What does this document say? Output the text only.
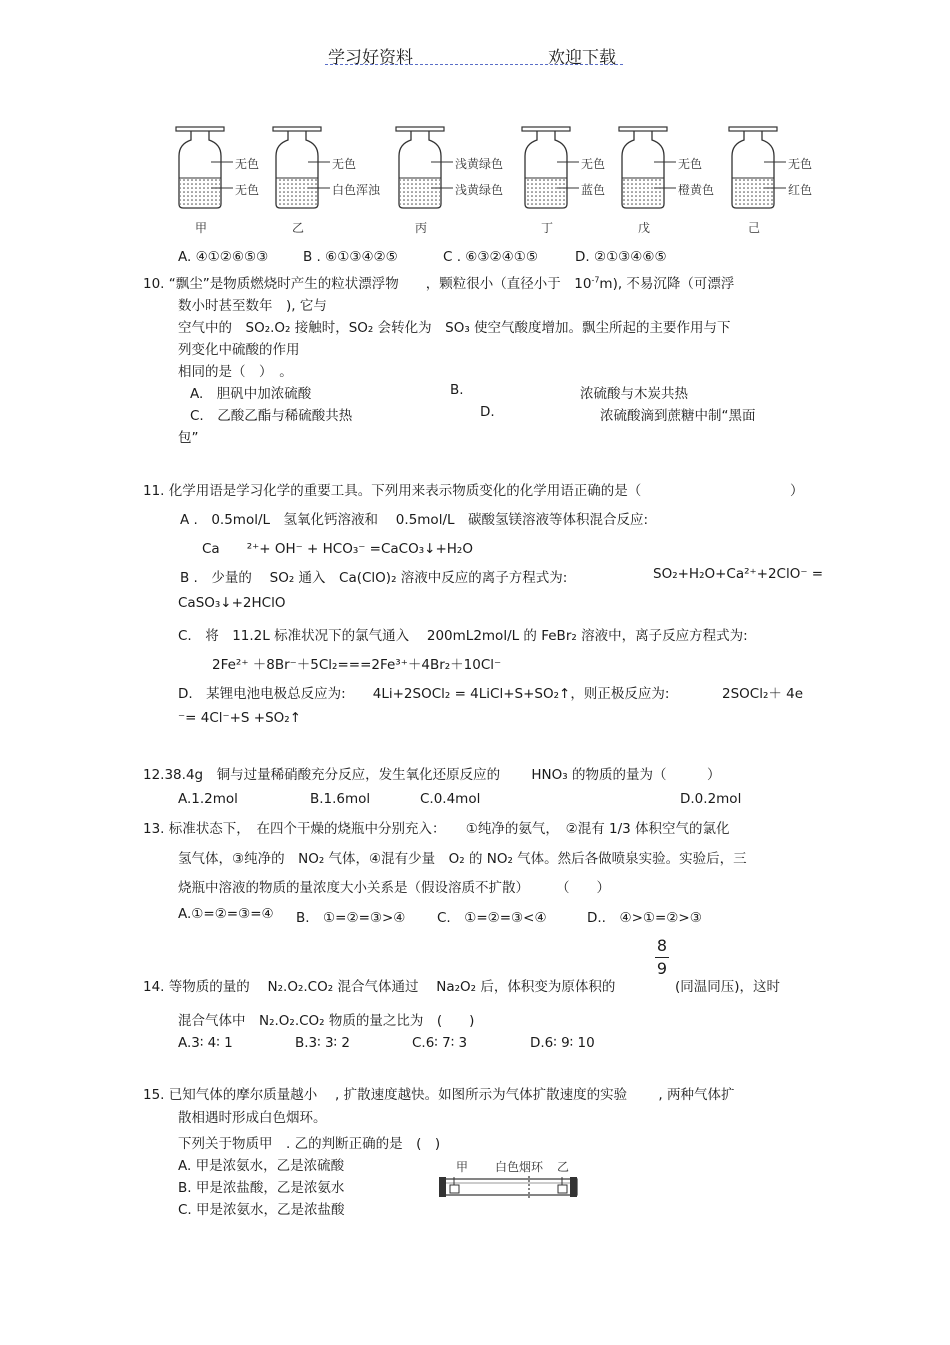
学习好资料	欢迎下载
无色
无色
甲
无色
白色浑浊
乙
浅黄绿色
浅黄绿色
丙
无色
蓝色
丁
无色
橙黄色
戊
无色
红色
己
A. ④①②⑥⑤③	B . ⑥①③④②⑤	C . ⑥③②④①⑤	D. ②①③④⑥⑤
10. “飘尘”是物质燃烧时产生的粒状漂浮物　　，颗粒很小（直径小于　$10^{-7}m$), 不易沉降（可漂浮
数小时甚至数年　), 它与
空气中的　SO₂.O₂ 接触时，SO₂ 会转化为　SO₃ 使空气酸度增加。飘尘所起的主要作用与下
列变化中硫酸的作用
相同的是（　）　。
A.　胆矾中加浓硫酸	B.	浓硫酸与木炭共热
C.　乙酸乙酯与稀硫酸共热	D.	浓硫酸滴到蔗糖中制“黑面
包”
11. 化学用语是学习化学的重要工具。下列用来表示物质变化的化学用语正确的是（	）
A .　0.5mol/L　氢氧化钙溶液和　 0.5mol/L　碳酸氢镁溶液等体积混合反应:
Ca　　²⁺+ OH⁻ + HCO₃⁻ =CaCO₃↓+H₂O
B .　少量的　 SO₂ 通入　Ca(ClO)₂ 溶液中反应的离子方程式为:	SO₂+H₂O+Ca²⁺+2ClO⁻ =
CaSO₃↓+2HClO
C.　将　11.2L 标准状况下的氯气通入　 200mL2mol/L 的 FeBr₂ 溶液中，离子反应方程式为:
2Fe²⁺ ＋8Br⁻＋5Cl₂===2Fe³⁺＋4Br₂＋10Cl⁻
D.　某锂电池电极总反应为:　　4Li+2SOCl₂ = 4LiCl+S+SO₂↑，则正极反应为:	2SOCl₂＋ 4e
⁻= 4Cl⁻+S +SO₂↑
12.38.4g　铜与过量稀硝酸充分反应，发生氧化还原反应的　　 HNO₃ 的物质的量为（　　　）
A.1.2mol	B.1.6mol	C.0.4mol	D.0.2mol
13. 标准状态下，　在四个干燥的烧瓶中分别充入：　　①纯净的氨气，　②混有 1/3 体积空气的氯化
氢气体，③纯净的　NO₂ 气体，④混有少量　O₂ 的 NO₂ 气体。然后各做喷泉实验。实验后，三
烧瓶中溶液的物质的量浓度大小关系是（假设溶质不扩散）　　　（　　）
A.①=②=③=④ B.　①=②=③>④ C.　①=②=③<④	D..　④>①=②>③
14. 等物质的量的　 N₂.O₂.CO₂ 混合气体通过　 Na₂O₂ 后，体积变为原体积的
8
9
(同温同压)，这时
混合气体中　N₂.O₂.CO₂ 物质的量之比为　(　　)
A.3∶ 4∶ 1	B.3∶ 3∶ 2	C.6∶ 7∶ 3	D.6∶ 9∶ 10
15. 已知气体的摩尔质量越小　 , 扩散速度越快。如图所示为气体扩散速度的实验　　 , 两种气体扩
散相遇时形成白色烟环。
下列关于物质甲　. 乙的判断正确的是　(　)
A. 甲是浓氨水，乙是浓硫酸
B. 甲是浓盐酸，乙是浓氨水
C. 甲是浓氨水，乙是浓盐酸
甲 白色烟环 乙
